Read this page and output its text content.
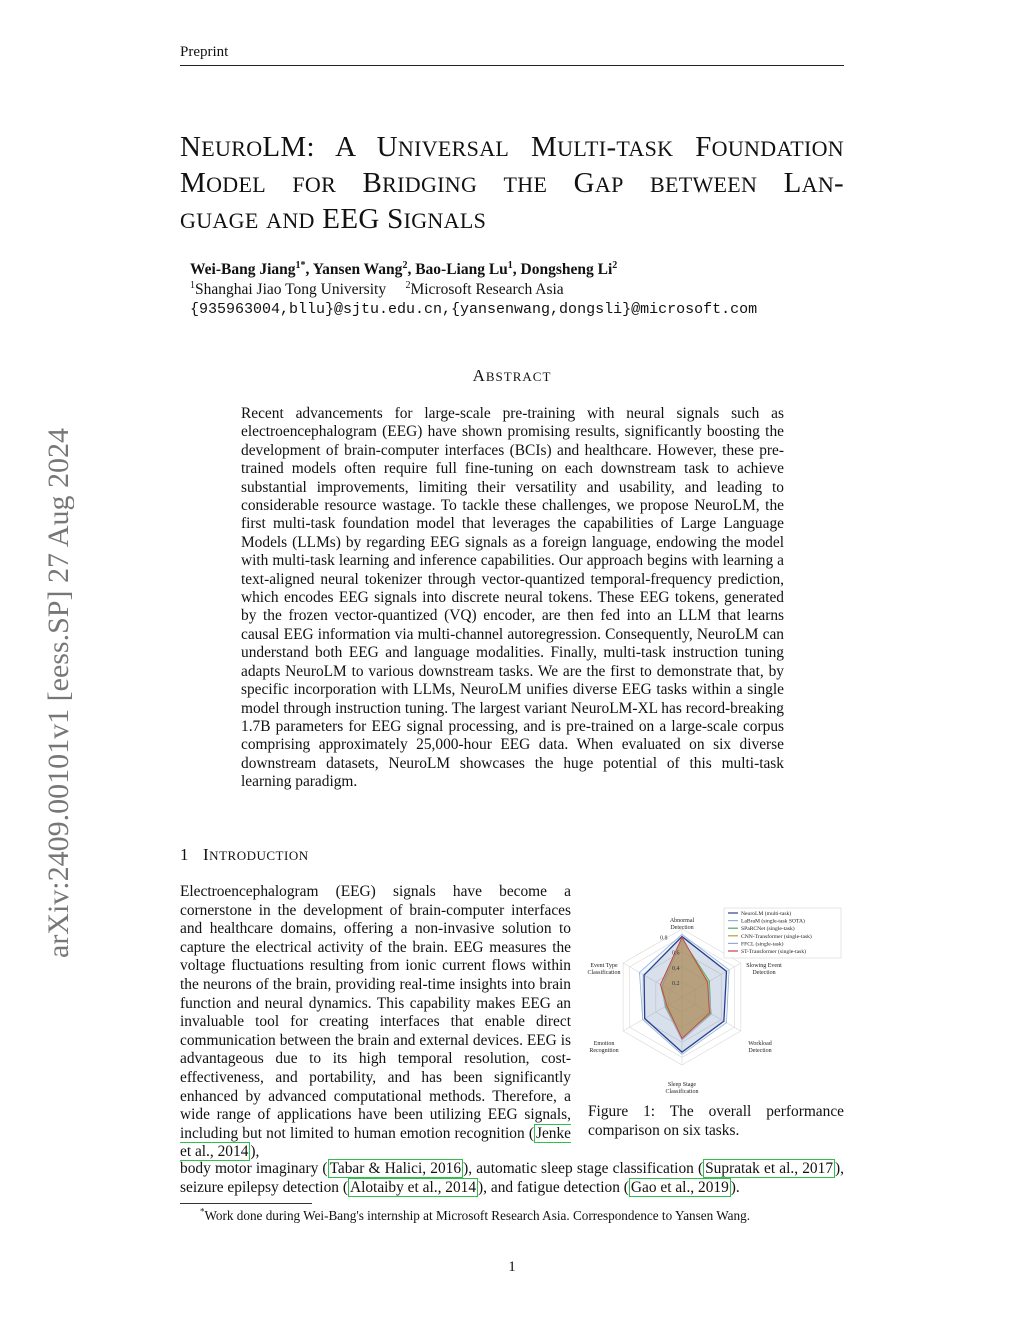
Preprint
arXiv:2409.00101v1 [eess.SP] 27 Aug 2024
NEUROLM: A UNIVERSAL MULTI-TASK FOUNDATION
MODEL FOR BRIDGING THE GAP BETWEEN LAN-
GUAGE AND EEG SIGNALS
Wei-Bang Jiang$^{1*}$, Yansen Wang$^2$, Bao-Liang Lu$^1$, Dongsheng Li$^2$
$^1$Shanghai Jiao Tong University $^2$Microsoft Research Asia
{935963004,bllu}@sjtu.edu.cn,{yansenwang,dongsli}@microsoft.com
ABSTRACT
Recent advancements for large-scale pre-training with neural signals such as electroencephalogram (EEG) have shown promising results, significantly boosting the development of brain-computer interfaces (BCIs) and healthcare. However, these pre-trained models often require full fine-tuning on each downstream task to achieve substantial improvements, limiting their versatility and usability, and leading to considerable resource wastage. To tackle these challenges, we propose NeuroLM, the first multi-task foundation model that leverages the capabilities of Large Language Models (LLMs) by regarding EEG signals as a foreign language, endowing the model with multi-task learning and inference capabilities. Our approach begins with learning a text-aligned neural tokenizer through vector-quantized temporal-frequency prediction, which encodes EEG signals into discrete neural tokens. These EEG tokens, generated by the frozen vector-quantized (VQ) encoder, are then fed into an LLM that learns causal EEG information via multi-channel autoregression. Consequently, NeuroLM can understand both EEG and language modalities. Finally, multi-task instruction tuning adapts NeuroLM to various downstream tasks. We are the first to demonstrate that, by specific incorporation with LLMs, NeuroLM unifies diverse EEG tasks within a single model through instruction tuning. The largest variant NeuroLM-XL has record-breaking 1.7B parameters for EEG signal processing, and is pre-trained on a large-scale corpus comprising approximately 25,000-hour EEG data. When evaluated on six diverse downstream datasets, NeuroLM showcases the huge potential of this multi-task learning paradigm.
1 INTRODUCTION
Electroencephalogram (EEG) signals have become a cornerstone in the development of brain-computer interfaces and healthcare domains, offering a non-invasive solution to capture the electrical activity of the brain. EEG measures the voltage fluctuations resulting from ionic current flows within the neurons of the brain, providing real-time insights into brain function and neural dynamics. This capability makes EEG an invaluable tool for creating interfaces that enable direct communication between the brain and external devices. EEG is advantageous due to its high temporal resolution, cost-effectiveness, and portability, and has been significantly enhanced by advanced computational methods. Therefore, a wide range of applications have been utilizing EEG signals, including but not limited to human emotion recognition ( Jenke et al., 2014 ),
body motor imaginary ( Tabar & Halici, 2016 ), automatic sleep stage classification ( Supratak et al., 2017 ), seizure epilepsy detection ( Alotaiby et al., 2014 ), and fatigue detection ( Gao et al., 2019 ).
0.2
0.4
0.6
0.8
Abnormal Detection
Slowing Event Detection
Workload Detection
Sleep Stage Classification
Emotion Recognition
Event Type Classification
NeuroLM (multi-task)
LaBraM (single-task SOTA)
SPaRCNet (single-task)
CNN-Transformer (single-task)
FFCL (single-task)
ST-Transformer (single-task)
Figure 1: The overall performance
comparison on six tasks.
*Work done during Wei-Bang's internship at Microsoft Research Asia. Correspondence to Yansen Wang.
1
